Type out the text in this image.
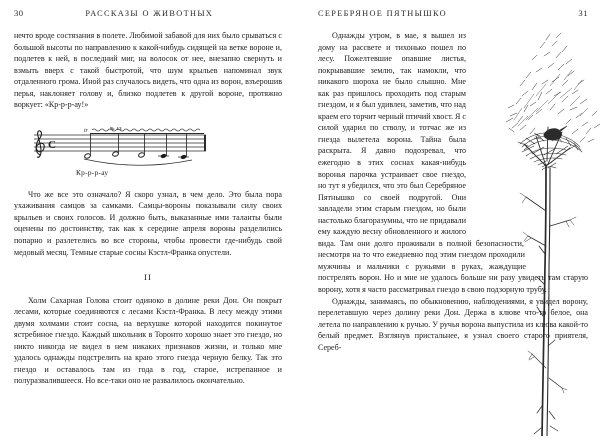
30	РАССКАЗЫ О ЖИВОТНЫХ

нечто вроде состязания в полете. Любимой забавой для них было срываться с большой высоты по направлению к какой-нибудь сидящей на ветке вороне и, подлетев к ней, в последний миг, на волосок от нее, внезапно свернуть и взмыть вверх с такой быстротой, что шум крыльев напоминал звук отдаленного грома. Иной раз случалось видеть, что одна из ворон, взъерошив перья, наклоняет голову и, близко подлетев к другой вороне, протяжно воркует: «Кр-р-р-ау!»

№ 13
C
tr
Кр-р-р-ау

Что же все это означало? Я скоро узнал, в чем дело. Это была пора ухаживания самцов за самками. Самцы-вороны показывали силу своих крыльев и своих голосов. И должно быть, выказанные ими таланты были оценены по достоинству, так как к середине апреля вороны разделились попарно и разлетелись во все стороны, чтобы провести где-нибудь свой медовый месяц. Темные старые сосны Кэстл-Франка опустели.

II

Холм Сахарная Голова стоит одиноко в долине реки Дон. Он покрыт лесами, которые соединяются с лесами Кэстл-Франка. В лесу между этими двумя холмами стоит сосна, на верхушке которой находится покинутое ястребиное гнездо. Каждый школьник в Торонто хорошо знает это гнездо, но никто никогда не видел в нем никаких признаков жизни, и только мне удалось однажды подстрелить на краю этого гнезда черную белку. Так это гнездо и оставалось там из года в год, старое, истрепанное и полуразвалившееся. Но все-таки оно не развалилось окончательно.

СЕРЕБРЯНОЕ ПЯТНЫШКО	31

Однажды утром, в мае, я вышел из дому на рассвете и тихонько пошел по лесу. Пожелтевшие опавшие листья, покрывавшие землю, так намокли, что никакого шороха не было слышно. Мне как раз пришлось проходить под старым гнездом, и я был удивлен, заметив, что над краем его торчит черный птичий хвост. Я с силой ударил по стволу, и тотчас же из гнезда вылетела ворона. Тайна была раскрыта. Я давно подозревал, что ежегодно в этих соснах какая-нибудь воронья парочка устраивает свое гнездо, но тут я убедился, что это был Серебряное Пятнышко со своей подругой. Они завладели этим старым гнездом, но были настолько благоразумны, что не придавали ему каждую весну обновленного и жилого вида. Там они долго проживали в полной безопасности, несмотря на то что ежедневно под этим гнездом проходили мужчины и мальчики с ружьями в руках, жаждущие пострелять ворон. Но и мне не удалось больше ни разу увидеть там старую ворону, хотя я часто рассматривал гнездо в свою подзорную трубу.

Однажды, занимаясь, по обыкновению, наблюдениями, я увидел ворону, перелетавшую через долину реки Дон. Держа в клюве что-то белое, она летела по направлению к ручью. У ручья ворона выпустила из клюва какой-то белый предмет. Взглянув пристальнее, я узнал своего старого приятеля, Сереб-
